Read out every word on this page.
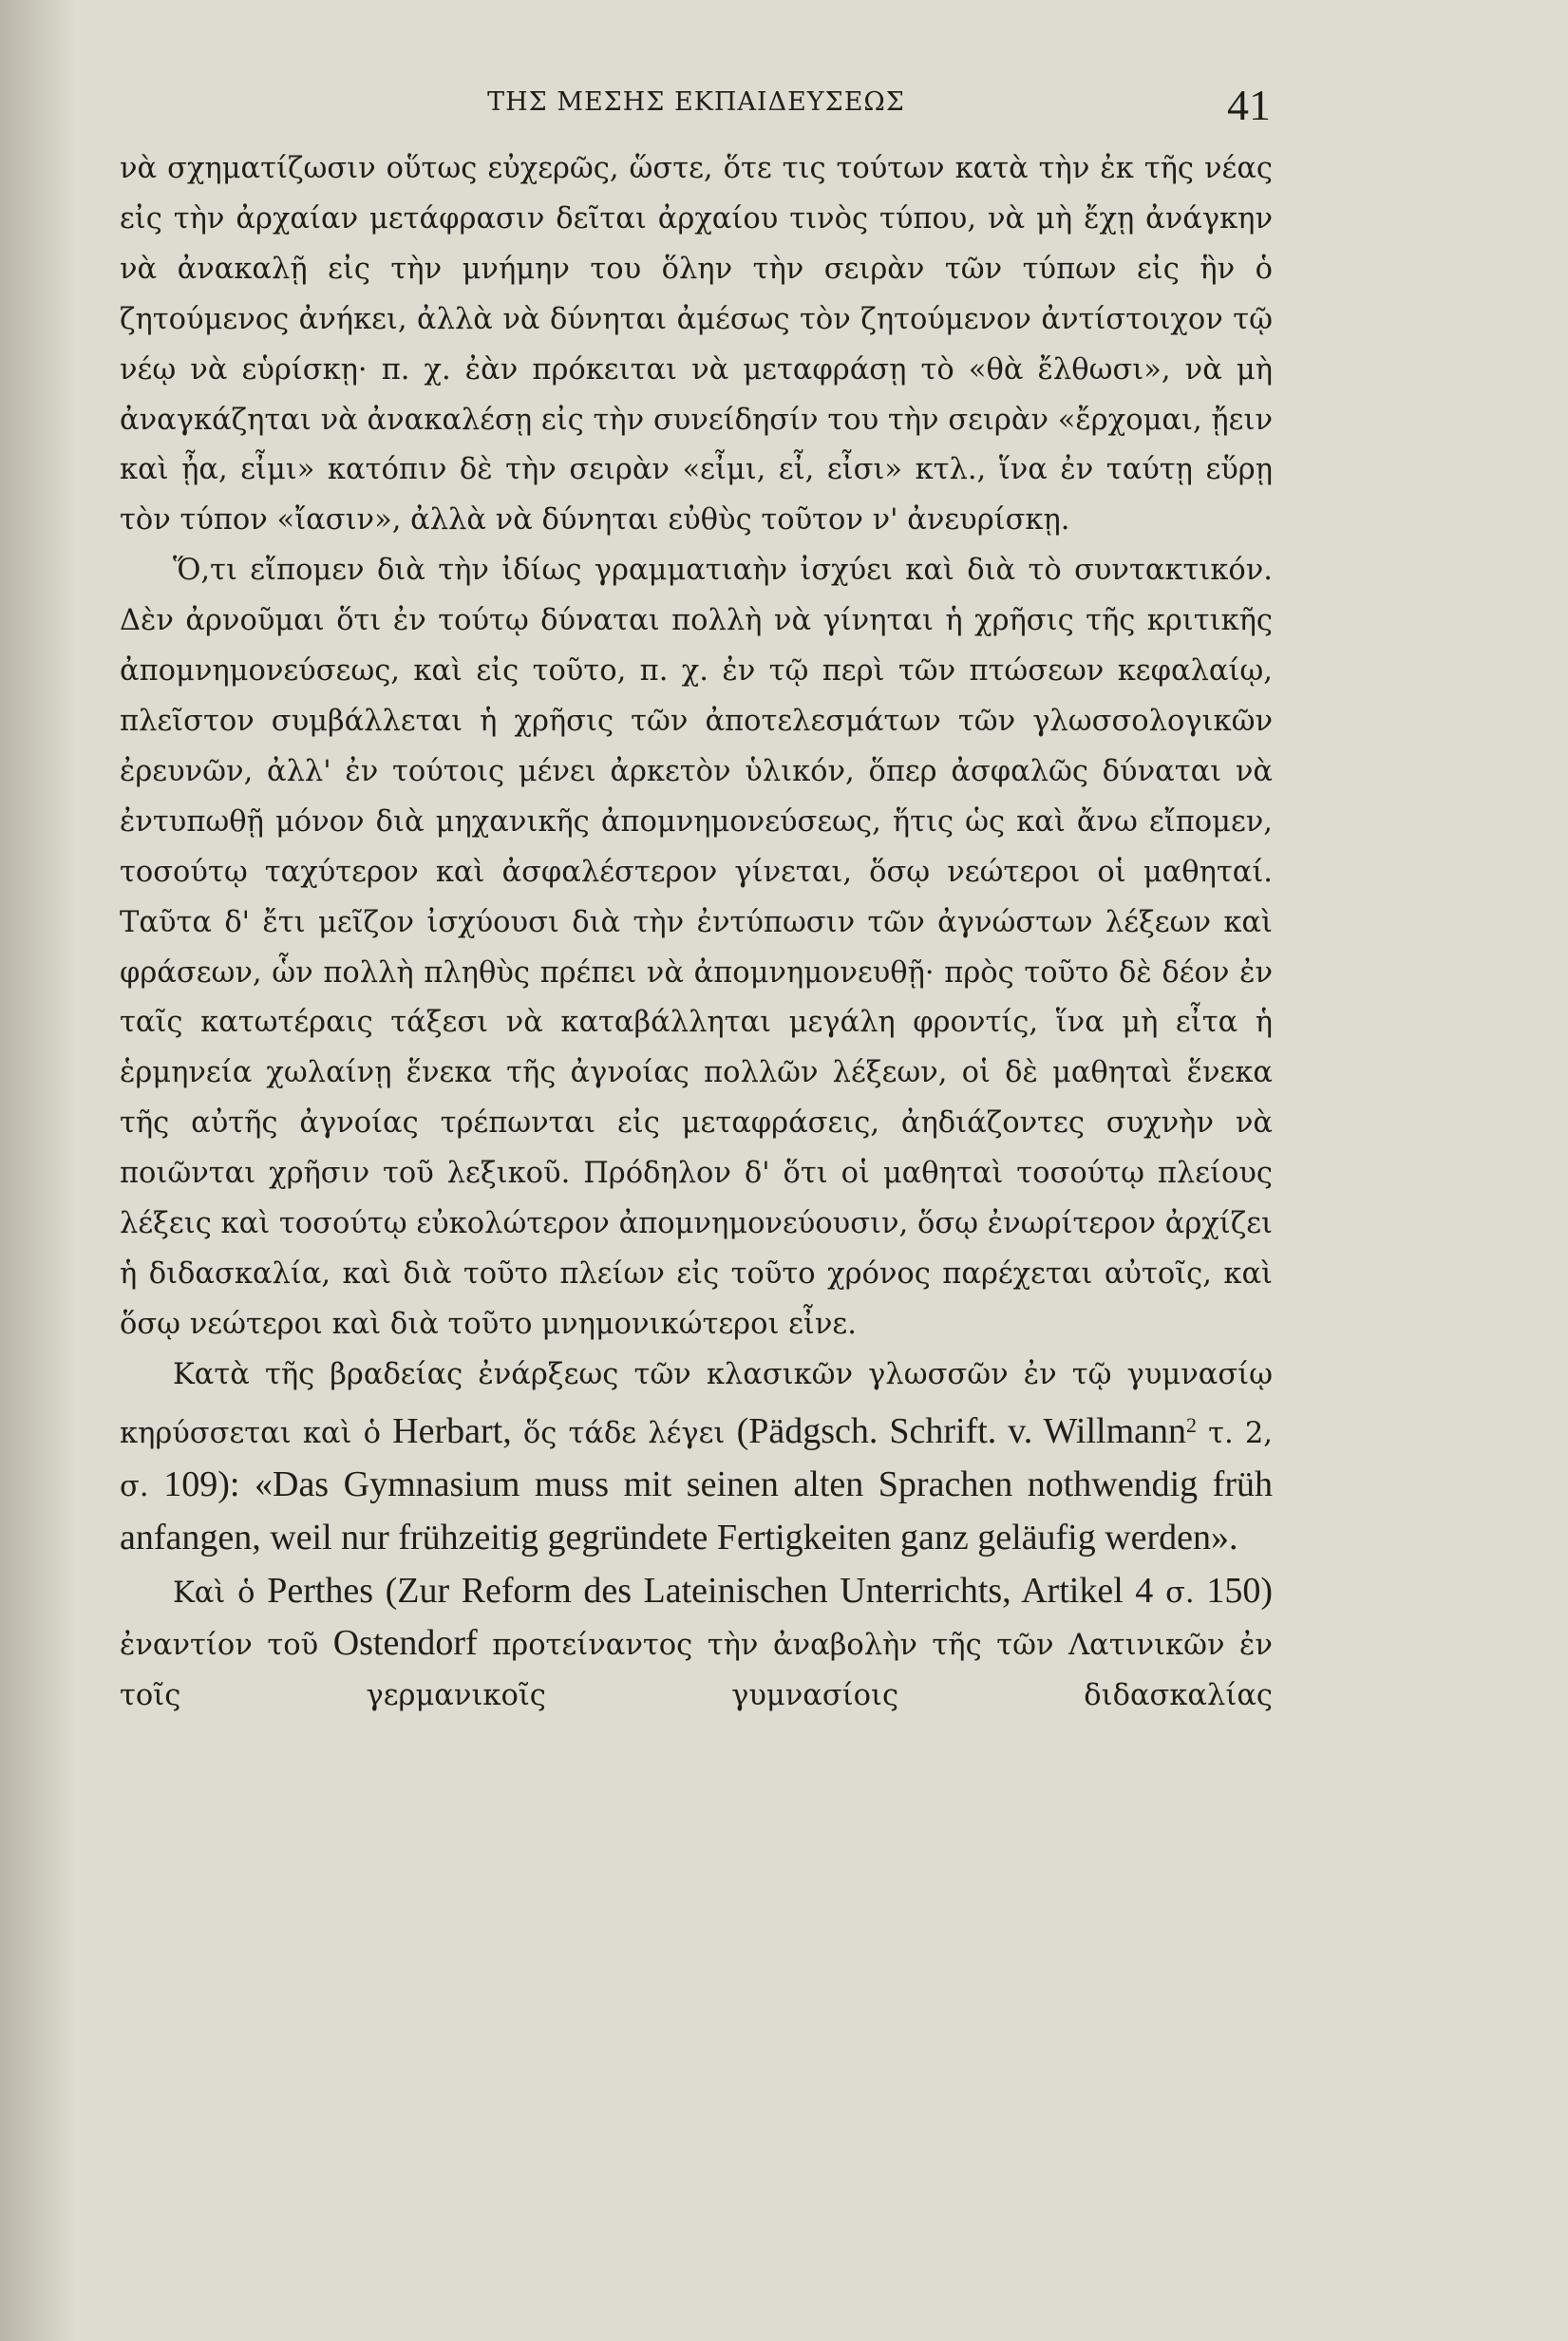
ΤΗΣ ΜΕΣΗΣ ΕΚΠΑΙΔΕΥΣΕΩΣ	41

νὰ σχηματίζωσιν οὕτως εὐχερῶς, ὥστε, ὅτε τις τούτων κατὰ τὴν ἐκ τῆς νέας εἰς τὴν ἀρχαίαν μετάφρασιν δεῖται ἀρχαίου τινὸς τύπου, νὰ μὴ ἔχῃ ἀνάγκην νὰ ἀνακαλῇ εἰς τὴν μνήμην του ὅλην τὴν σειρὰν τῶν τύπων εἰς ἣν ὁ ζητούμενος ἀνήκει, ἀλλὰ νὰ δύνηται ἀμέσως τὸν ζητούμενον ἀντίστοιχον τῷ νέῳ νὰ εὑρίσκῃ· π. χ. ἐὰν πρόκειται νὰ μεταφράσῃ τὸ «θὰ ἔλθωσι», νὰ μὴ ἀναγκάζηται νὰ ἀνακαλέσῃ εἰς τὴν συνείδησίν του τὴν σειρὰν «ἔρχομαι, ᾔειν καὶ ᾖα, εἶμι» κατόπιν δὲ τὴν σειρὰν «εἶμι, εἶ, εἶσι» κτλ., ἵνα ἐν ταύτῃ εὕρῃ τὸν τύπον «ἴασιν», ἀλλὰ νὰ δύνηται εὐθὺς τοῦτον ν' ἀνευρίσκῃ.

Ὅ,τι εἴπομεν διὰ τὴν ἰδίως γραμματιαὴν ἰσχύει καὶ διὰ τὸ συντακτικόν. Δὲν ἀρνοῦμαι ὅτι ἐν τούτῳ δύναται πολλὴ νὰ γίνηται ἡ χρῆσις τῆς κριτικῆς ἀπομνημονεύσεως, καὶ εἰς τοῦτο, π. χ. ἐν τῷ περὶ τῶν πτώσεων κεφαλαίῳ, πλεῖστον συμβάλλεται ἡ χρῆσις τῶν ἀποτελεσμάτων τῶν γλωσσολογικῶν ἐρευνῶν, ἀλλ' ἐν τούτοις μένει ἀρκετὸν ὑλικόν, ὅπερ ἀσφαλῶς δύναται νὰ ἐντυπωθῇ μόνον διὰ μηχανικῆς ἀπομνημονεύσεως, ἥτις ὡς καὶ ἄνω εἴπομεν, τοσούτῳ ταχύτερον καὶ ἀσφαλέστερον γίνεται, ὅσῳ νεώτεροι οἱ μαθηταί. Ταῦτα δ' ἔτι μεῖζον ἰσχύουσι διὰ τὴν ἐντύπωσιν τῶν ἀγνώστων λέξεων καὶ φράσεων, ὧν πολλὴ πληθὺς πρέπει νὰ ἀπομνημονευθῇ· πρὸς τοῦτο δὲ δέον ἐν ταῖς κατωτέραις τάξεσι νὰ καταβάλληται μεγάλη φροντίς, ἵνα μὴ εἶτα ἡ ἑρμηνεία χωλαίνῃ ἕνεκα τῆς ἀγνοίας πολλῶν λέξεων, οἱ δὲ μαθηταὶ ἕνεκα τῆς αὐτῆς ἀγνοίας τρέπωνται εἰς μεταφράσεις, ἀηδιάζοντες συχνὴν νὰ ποιῶνται χρῆσιν τοῦ λεξικοῦ. Πρόδηλον δ' ὅτι οἱ μαθηταὶ τοσούτῳ πλείους λέξεις καὶ τοσούτῳ εὐκολώτερον ἀπομνημονεύουσιν, ὅσῳ ἐνωρίτερον ἀρχίζει ἡ διδασκαλία, καὶ διὰ τοῦτο πλείων εἰς τοῦτο χρόνος παρέχεται αὐτοῖς, καὶ ὅσῳ νεώτεροι καὶ διὰ τοῦτο μνημονικώτεροι εἶνε.

Κατὰ τῆς βραδείας ἐνάρξεως τῶν κλασικῶν γλωσσῶν ἐν τῷ γυμνασίῳ κηρύσσεται καὶ ὁ Herbart, ὅς τάδε λέγει (Pädgsch. Schrift. v. Willmann$^2$ τ. 2, σ. 109): «Das Gymnasium muss mit seinen alten Sprachen nothwendig früh anfangen, weil nur frühzeitig gegründete Fertigkeiten ganz geläufig werden».

Καὶ ὁ Perthes (Zur Reform des Lateinischen Unterrichts, Artikel 4 σ. 150) ἐναντίον τοῦ Ostendorf προτείναντος τὴν ἀναβολὴν τῆς τῶν Λατινικῶν ἐν τοῖς γερμανικοῖς γυμνασίοις διδασκαλίας
